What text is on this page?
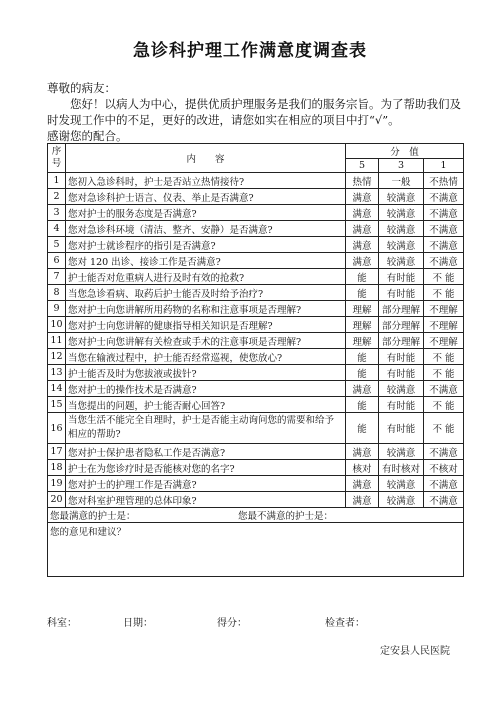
急诊科护理工作满意度调查表

尊敬的病友：

您好！以病人为中心，提供优质护理服务是我们的服务宗旨。为了帮助我们及时发现工作中的不足，更好的改进，请您如实在相应的项目中打“√”。

感谢您的配合。

序号	内　　容	分　值		
		5	3	1
1	您初入急诊科时，护士是否站立热情接待?	热情	一般	不热情
2	您对急诊科护士语言、仪表、举止是否满意?	满意	较满意	不满意
3	您对护士的服务态度是否满意?	满意	较满意	不满意
4	您对急诊科环境（清洁、整齐、安静）是否满意?	满意	较满意	不满意
5	您对护士就诊程序的指引是否满意?	满意	较满意	不满意
6	您对 120 出诊、接诊工作是否满意?	满意	较满意	不满意
7	护士能否对危重病人进行及时有效的抢救?	能	有时能	不 能
8	当您急诊看病、取药后护士能否及时给予治疗?	能	有时能	不 能
9	您对护士向您讲解所用药物的名称和注意事项是否理解?	理解	部分理解	不理解
10	您对护士向您讲解的健康指导相关知识是否理解?	理解	部分理解	不理解
11	您对护士向您讲解有关检查或手术的注意事项是否理解?	理解	部分理解	不理解
12	当您在输液过程中，护士能否经常巡视，使您放心?	能	有时能	不 能
13	护士能否及时为您拔液或拔针?	能	有时能	不 能
14	您对护士的操作技术是否满意?	满意	较满意	不满意
15	当您提出的问题，护士能否耐心回答?	能	有时能	不 能
16	当您生活不能完全自理时，护士是否能主动询问您的需要和给予相应的帮助?	能	有时能	不 能
17	您对护士保护患者隐私工作是否满意?	满意	较满意	不满意
18	护士在为您诊疗时是否能核对您的名字?	核对	有时核对	不核对
19	您对护士的护理工作是否满意?	满意	较满意	不满意
20	您对科室护理管理的总体印象?	满意	较满意	不满意
您最满意的护士是： 您最不满意的护士是：				
您的意见和建议？				
科室：	日期：	得分：	检查者：
定安县人民医院
